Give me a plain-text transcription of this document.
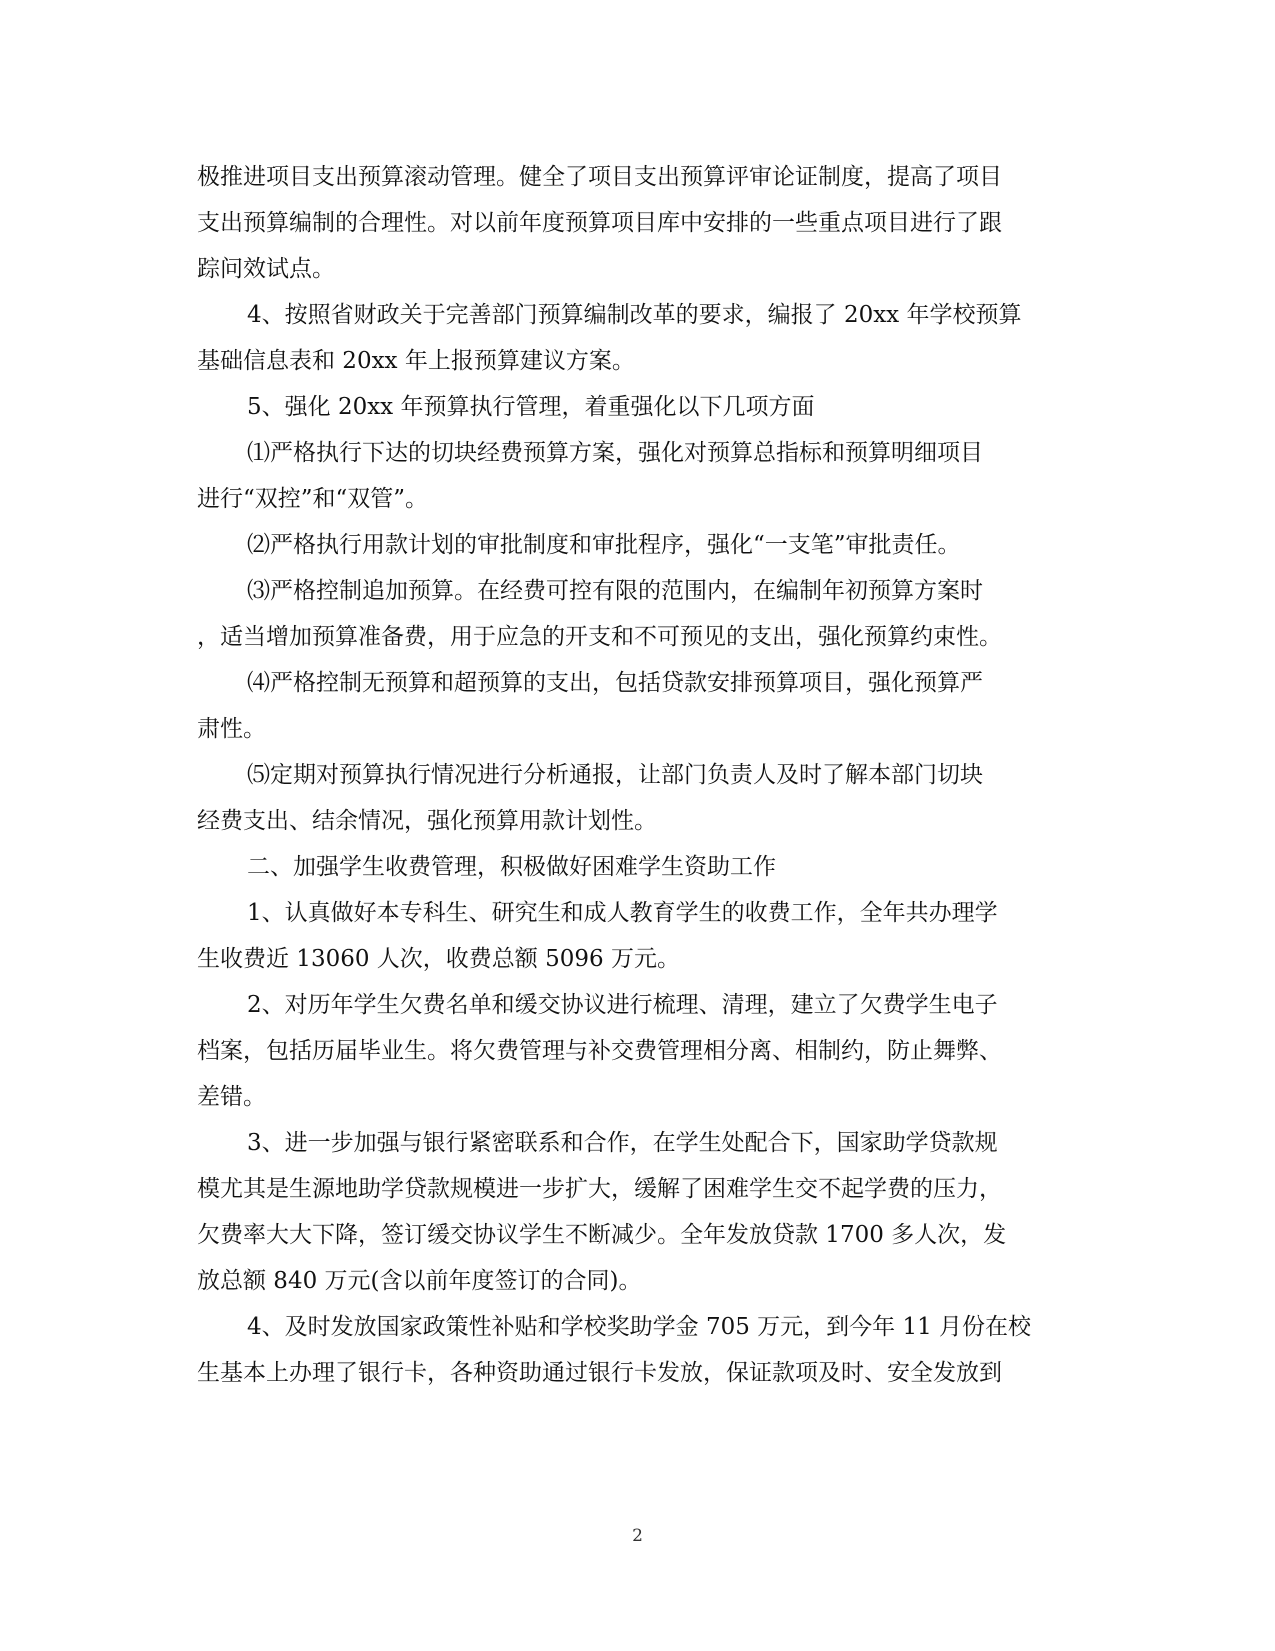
极推进项目支出预算滚动管理。健全了项目支出预算评审论证制度，提高了项目
支出预算编制的合理性。对以前年度预算项目库中安排的一些重点项目进行了跟
踪问效试点。
4、按照省财政关于完善部门预算编制改革的要求，编报了 20xx 年学校预算
基础信息表和 20xx 年上报预算建议方案。
5、强化 20xx 年预算执行管理，着重强化以下几项方面
⑴严格执行下达的切块经费预算方案，强化对预算总指标和预算明细项目
进行“双控”和“双管”。
⑵严格执行用款计划的审批制度和审批程序，强化“一支笔”审批责任。
⑶严格控制追加预算。在经费可控有限的范围内，在编制年初预算方案时
，适当增加预算准备费，用于应急的开支和不可预见的支出，强化预算约束性。
⑷严格控制无预算和超预算的支出，包括贷款安排预算项目，强化预算严
肃性。
⑸定期对预算执行情况进行分析通报，让部门负责人及时了解本部门切块
经费支出、结余情况，强化预算用款计划性。
二、加强学生收费管理，积极做好困难学生资助工作
1、认真做好本专科生、研究生和成人教育学生的收费工作，全年共办理学
生收费近 13060 人次，收费总额 5096 万元。
2、对历年学生欠费名单和缓交协议进行梳理、清理，建立了欠费学生电子
档案，包括历届毕业生。将欠费管理与补交费管理相分离、相制约，防止舞弊、
差错。
3、进一步加强与银行紧密联系和合作，在学生处配合下，国家助学贷款规
模尤其是生源地助学贷款规模进一步扩大，缓解了困难学生交不起学费的压力，
欠费率大大下降，签订缓交协议学生不断减少。全年发放贷款 1700 多人次，发
放总额 840 万元(含以前年度签订的合同)。
4、及时发放国家政策性补贴和学校奖助学金 705 万元，到今年 11 月份在校
生基本上办理了银行卡，各种资助通过银行卡发放，保证款项及时、安全发放到
2
